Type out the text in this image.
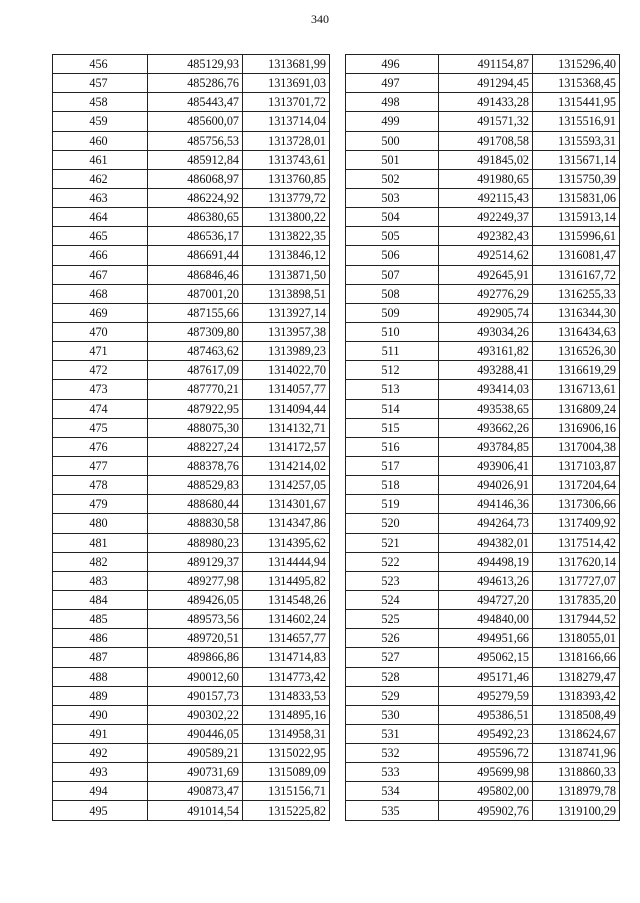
340
456	485129,93	1313681,99
457	485286,76	1313691,03
458	485443,47	1313701,72
459	485600,07	1313714,04
460	485756,53	1313728,01
461	485912,84	1313743,61
462	486068,97	1313760,85
463	486224,92	1313779,72
464	486380,65	1313800,22
465	486536,17	1313822,35
466	486691,44	1313846,12
467	486846,46	1313871,50
468	487001,20	1313898,51
469	487155,66	1313927,14
470	487309,80	1313957,38
471	487463,62	1313989,23
472	487617,09	1314022,70
473	487770,21	1314057,77
474	487922,95	1314094,44
475	488075,30	1314132,71
476	488227,24	1314172,57
477	488378,76	1314214,02
478	488529,83	1314257,05
479	488680,44	1314301,67
480	488830,58	1314347,86
481	488980,23	1314395,62
482	489129,37	1314444,94
483	489277,98	1314495,82
484	489426,05	1314548,26
485	489573,56	1314602,24
486	489720,51	1314657,77
487	489866,86	1314714,83
488	490012,60	1314773,42
489	490157,73	1314833,53
490	490302,22	1314895,16
491	490446,05	1314958,31
492	490589,21	1315022,95
493	490731,69	1315089,09
494	490873,47	1315156,71
495	491014,54	1315225,82
496	491154,87	1315296,40
497	491294,45	1315368,45
498	491433,28	1315441,95
499	491571,32	1315516,91
500	491708,58	1315593,31
501	491845,02	1315671,14
502	491980,65	1315750,39
503	492115,43	1315831,06
504	492249,37	1315913,14
505	492382,43	1315996,61
506	492514,62	1316081,47
507	492645,91	1316167,72
508	492776,29	1316255,33
509	492905,74	1316344,30
510	493034,26	1316434,63
511	493161,82	1316526,30
512	493288,41	1316619,29
513	493414,03	1316713,61
514	493538,65	1316809,24
515	493662,26	1316906,16
516	493784,85	1317004,38
517	493906,41	1317103,87
518	494026,91	1317204,64
519	494146,36	1317306,66
520	494264,73	1317409,92
521	494382,01	1317514,42
522	494498,19	1317620,14
523	494613,26	1317727,07
524	494727,20	1317835,20
525	494840,00	1317944,52
526	494951,66	1318055,01
527	495062,15	1318166,66
528	495171,46	1318279,47
529	495279,59	1318393,42
530	495386,51	1318508,49
531	495492,23	1318624,67
532	495596,72	1318741,96
533	495699,98	1318860,33
534	495802,00	1318979,78
535	495902,76	1319100,29
